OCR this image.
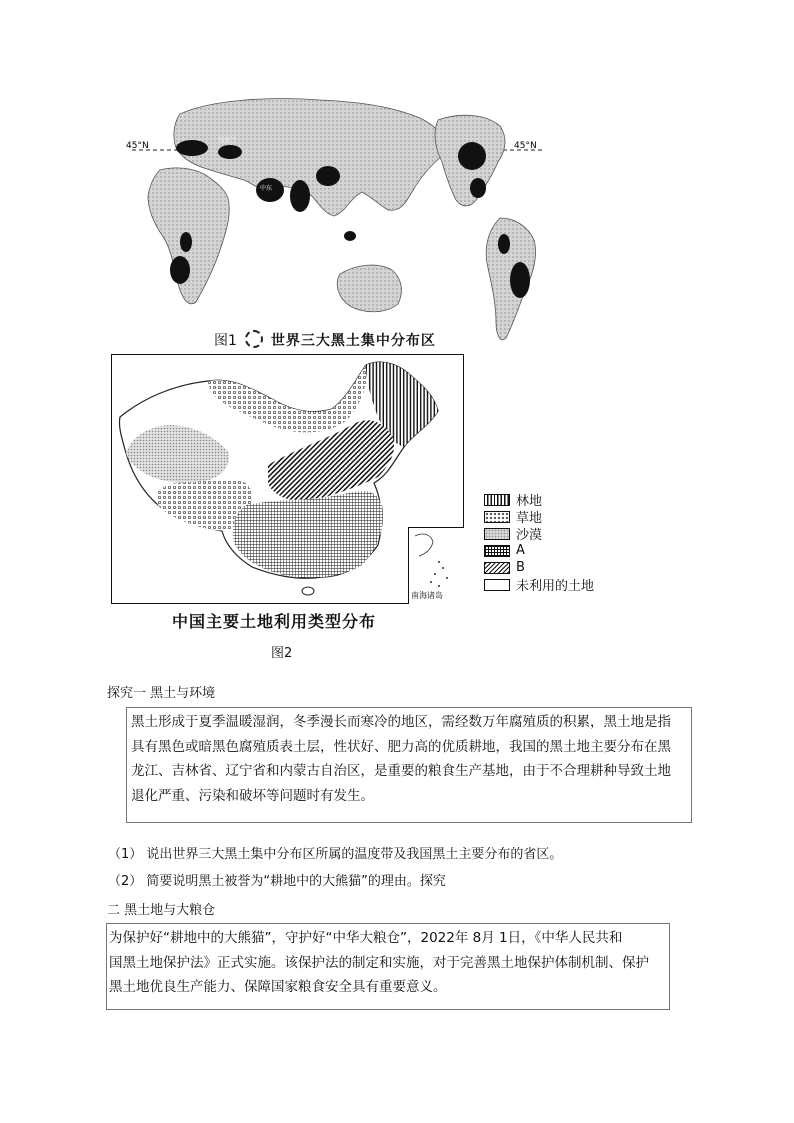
45°N	45°N
乌克兰
中东
图1 世界三大黑土集中分布区
南海诸岛
林地
草地
沙漠
A
B
未利用的土地
中国主要土地利用类型分布
图2
探究一 黑土与环境
黑土形成于夏季温暖湿润，冬季漫长而寒冷的地区，需经数万年腐殖质的积累，黑土地是指
具有黑色或暗黑色腐殖质表土层，性状好、肥力高的优质耕地，我国的黑土地主要分布在黑
龙江、吉林省、辽宁省和内蒙古自治区，是重要的粮食生产基地，由于不合理耕种导致土地
退化严重、污染和破坏等问题时有发生。
（1） 说出世界三大黑土集中分布区所属的温度带及我国黑土主要分布的省区。
（2） 简要说明黑土被誉为“耕地中的大熊猫”的理由。探究
二 黑土地与大粮仓
为保护好“耕地中的大熊猫”，守护好“中华大粮仓”，2022年 8月 1日，《中华人民共和
国黑土地保护法》正式实施。该保护法的制定和实施，对于完善黑土地保护体制机制、保护
黑土地优良生产能力、保障国家粮食安全具有重要意义。
